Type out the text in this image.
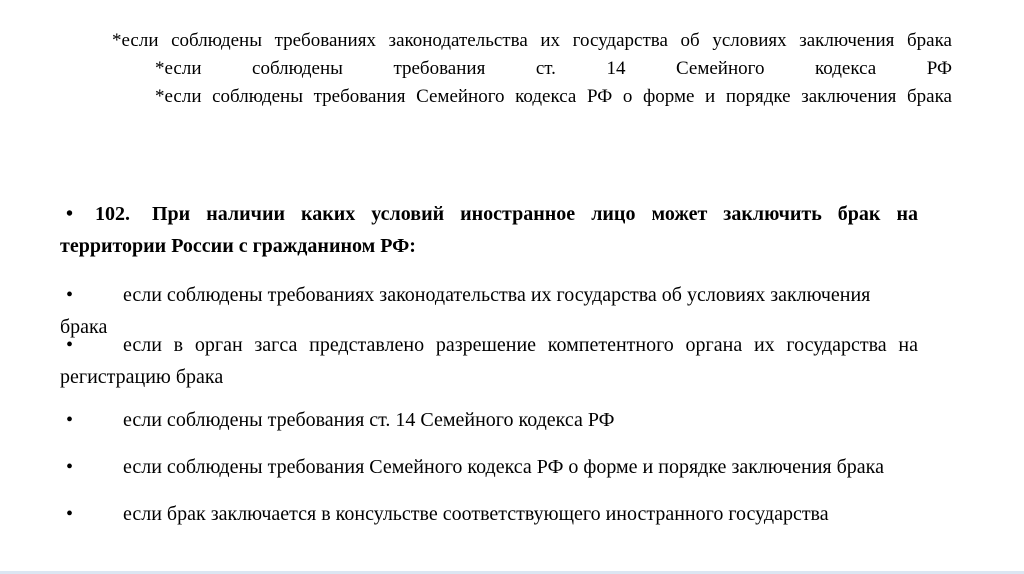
*если соблюдены требованиях законодательства их государства об условиях заключения брака
*если соблюдены требования ст. 14 Семейного кодекса РФ
*если соблюдены требования Семейного кодекса РФ о форме и порядке заключения брака
•	102. При наличии каких условий иностранное лицо может заключить брак на
территории России с гражданином РФ:
•	если соблюдены требованиях законодательства их государства об условиях заключения брака
•	если в орган загса представлено разрешение компетентного органа их государства на
регистрацию брака
•	если соблюдены требования ст. 14 Семейного кодекса РФ
•	если соблюдены требования Семейного кодекса РФ о форме и порядке заключения брака
•	если брак заключается в консульстве соответствующего иностранного государства
